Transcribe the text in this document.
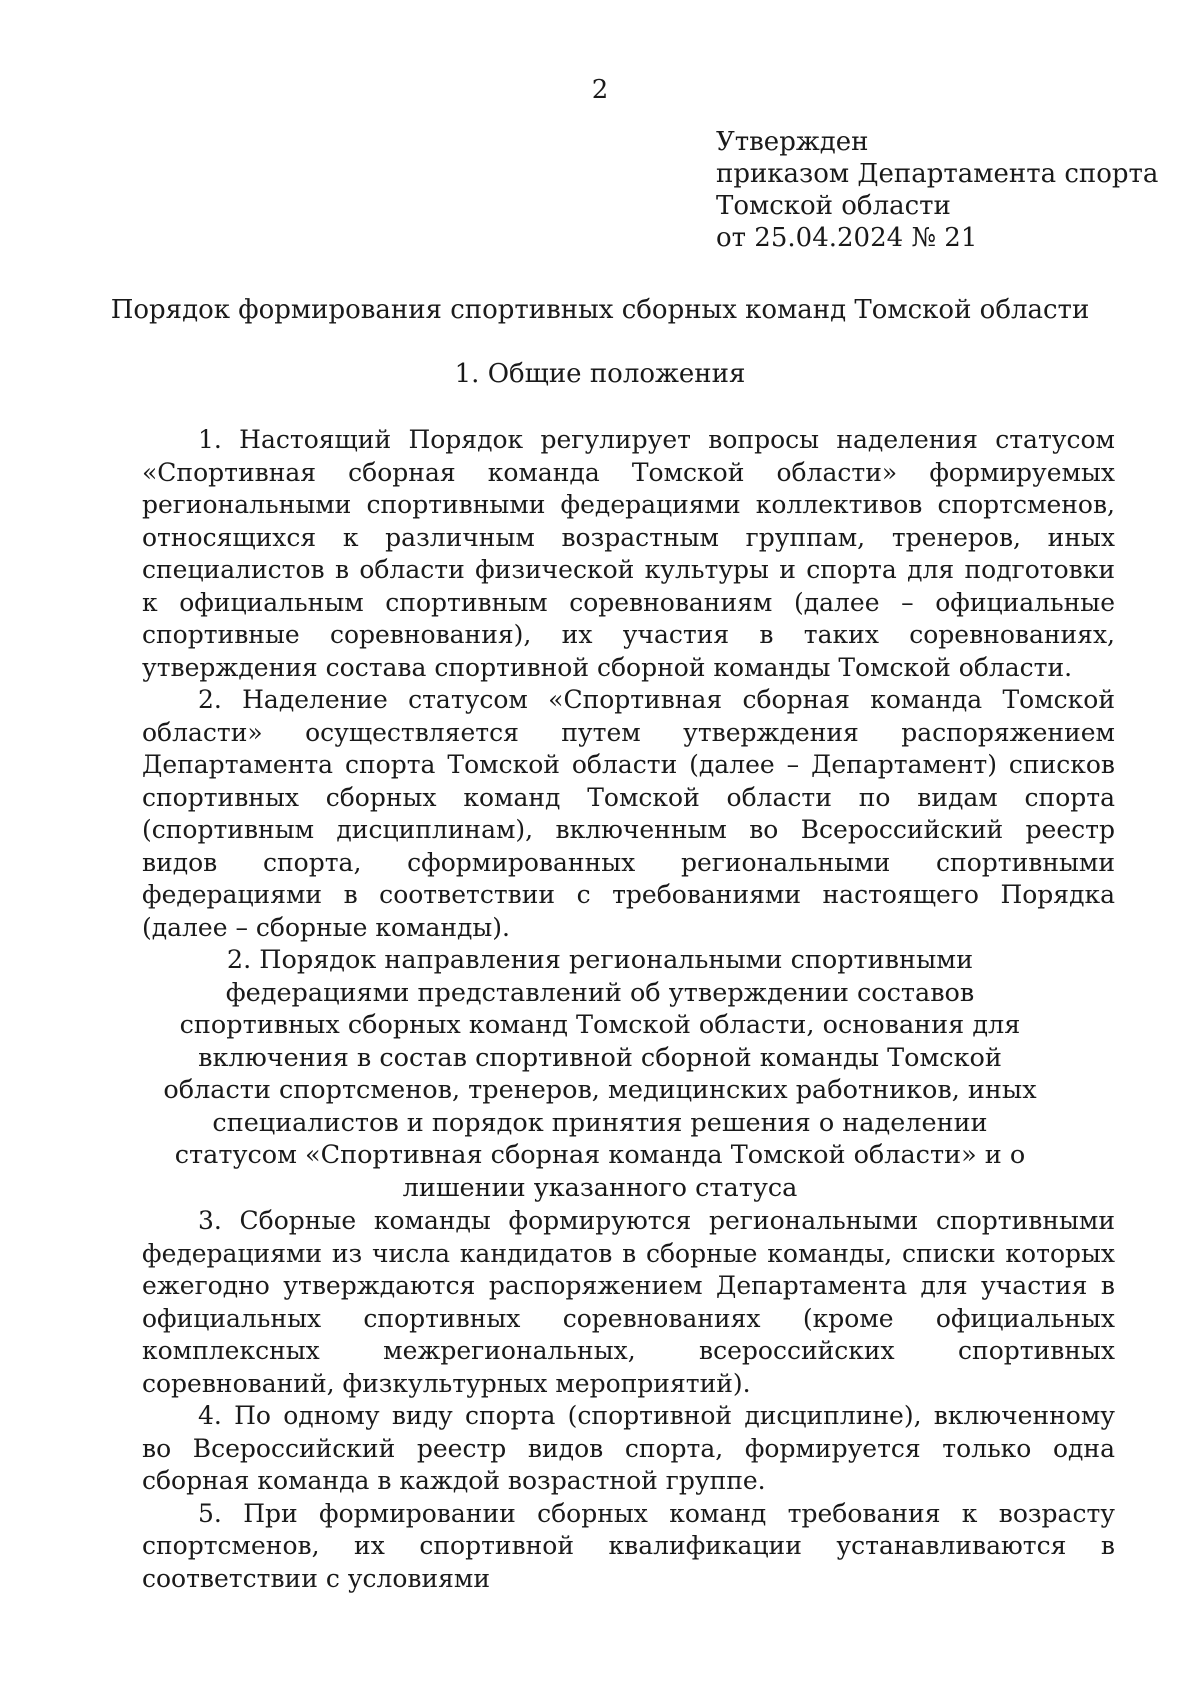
2
Утвержден
приказом Департамента спорта
Томской области
от 25.04.2024 № 21
Порядок формирования спортивных сборных команд Томской области
1. Общие положения

1. Настоящий Порядок регулирует вопросы наделения статусом «Спортивная сборная команда Томской области» формируемых региональными спортивными федерациями коллективов спортсменов, относящихся к различным возрастным группам, тренеров, иных специалистов в области физической культуры и спорта для подготовки к официальным спортивным соревнованиям (далее – официальные спортивные соревнования), их участия в таких соревнованиях, утверждения состава спортивной сборной команды Томской области.

2. Наделение статусом «Спортивная сборная команда Томской области» осуществляется путем утверждения распоряжением Департамента спорта Томской области (далее – Департамент) списков спортивных сборных команд Томской области по видам спорта (спортивным дисциплинам), включенным во Всероссийский реестр видов спорта, сформированных региональными спортивными федерациями в соответствии с требованиями настоящего Порядка (далее – сборные команды).

2. Порядок направления региональными спортивными федерациями представлений об утверждении составов спортивных сборных команд Томской области, основания для включения в состав спортивной сборной команды Томской области спортсменов, тренеров, медицинских работников, иных специалистов и порядок принятия решения о наделении статусом «Спортивная сборная команда Томской области» и о лишении указанного статуса

3. Сборные команды формируются региональными спортивными федерациями из числа кандидатов в сборные команды, списки которых ежегодно утверждаются распоряжением Департамента для участия в официальных спортивных соревнованиях (кроме официальных комплексных межрегиональных, всероссийских спортивных соревнований, физкультурных мероприятий).

4. По одному виду спорта (спортивной дисциплине), включенному во Всероссийский реестр видов спорта, формируется только одна сборная команда в каждой возрастной группе.

5. При формировании сборных команд требования к возрасту спортсменов, их спортивной квалификации устанавливаются в соответствии с условиями
